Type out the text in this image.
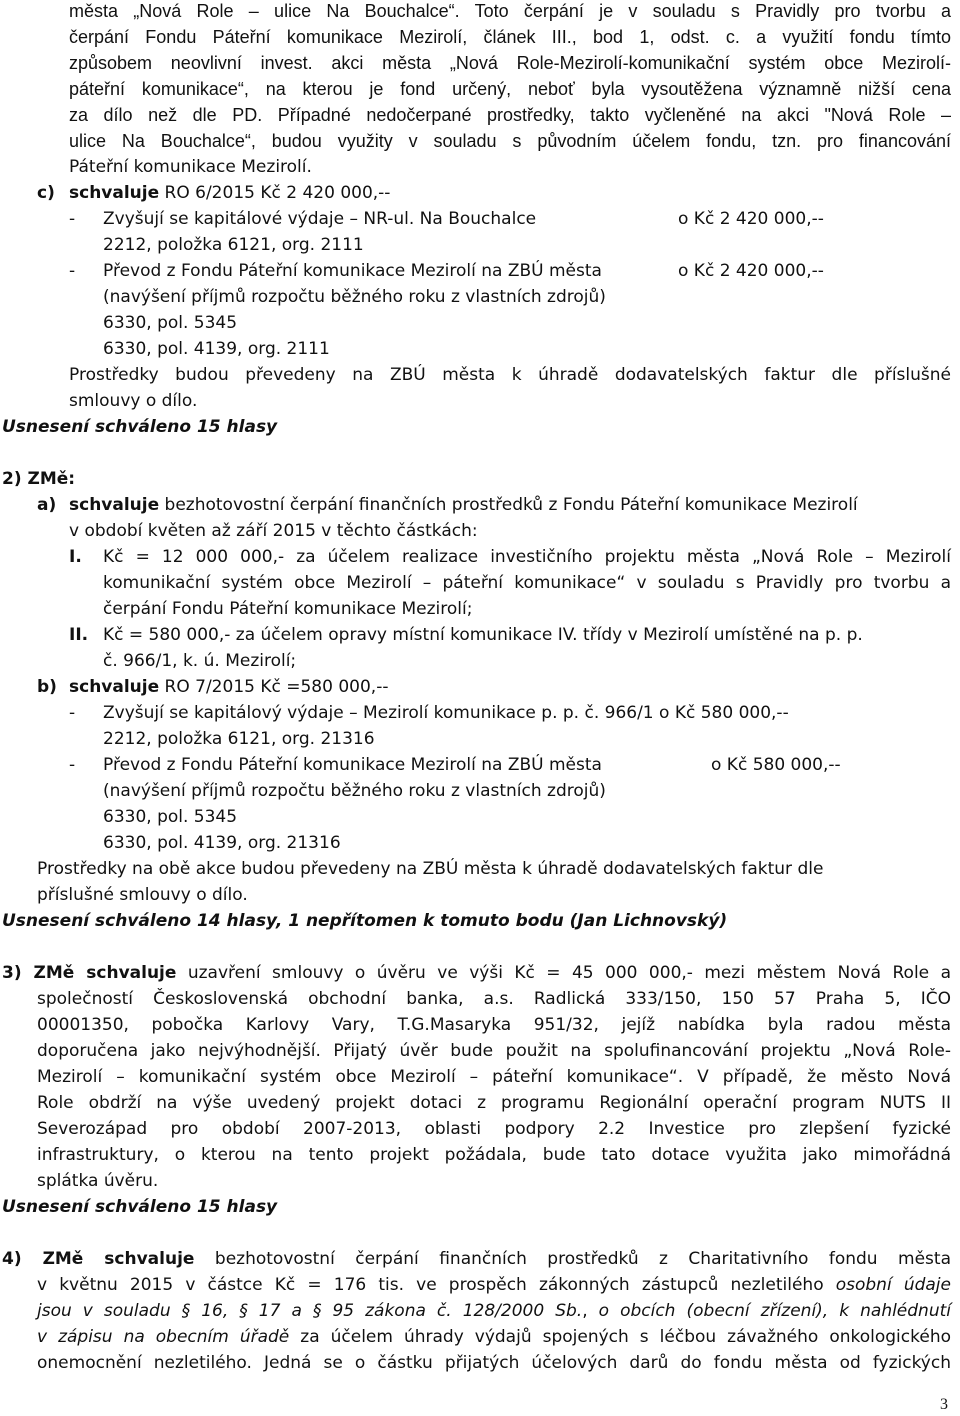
města „Nová Role – ulice Na Bouchalce“. Toto čerpání je v souladu s Pravidly pro tvorbu a
čerpání Fondu Páteřní komunikace Mezirolí, článek III., bod 1, odst. c. a využití fondu tímto
způsobem neovlivní invest. akci města „Nová Role-Mezirolí-komunikační systém obce Mezirolí-
páteřní komunikace“, na kterou je fond určený, neboť byla vysoutěžena významně nižší cena
za dílo než dle PD. Případné nedočerpané prostředky, takto vyčleněné na akci "Nová Role –
ulice Na Bouchalce“, budou využity v souladu s původním účelem fondu, tzn. pro financování
Páteřní komunikace Mezirolí.
c) schvaluje RO 6/2015 Kč 2 420 000,--
- Zvyšují se kapitálové výdaje – NR-ul. Na Bouchalce	o Kč 2 420 000,--
2212, položka 6121, org. 2111
- Převod z Fondu Páteřní komunikace Mezirolí na ZBÚ města	o Kč 2 420 000,--
(navýšení příjmů rozpočtu běžného roku z vlastních zdrojů)
6330, pol. 5345
6330, pol. 4139, org. 2111
Prostředky budou převedeny na ZBÚ města k úhradě dodavatelských faktur dle příslušné
smlouvy o dílo.
Usnesení schváleno 15 hlasy
2) ZMě:
a) schvaluje bezhotovostní čerpání finančních prostředků z Fondu Páteřní komunikace Mezirolí
v období květen až září 2015 v těchto částkách:
I. Kč = 12 000 000,- za účelem realizace investičního projektu města „Nová Role – Mezirolí
komunikační systém obce Mezirolí – páteřní komunikace“ v souladu s Pravidly pro tvorbu a
čerpání Fondu Páteřní komunikace Mezirolí;
II. Kč = 580 000,- za účelem opravy místní komunikace IV. třídy v Mezirolí umístěné na p. p.
č. 966/1, k. ú. Mezirolí;
b) schvaluje RO 7/2015 Kč =580 000,--
- Zvyšují se kapitálový výdaje – Mezirolí komunikace p. p. č. 966/1 o Kč 580 000,--
2212, položka 6121, org. 21316
- Převod z Fondu Páteřní komunikace Mezirolí na ZBÚ města	o Kč 580 000,--
(navýšení příjmů rozpočtu běžného roku z vlastních zdrojů)
6330, pol. 5345
6330, pol. 4139, org. 21316
Prostředky na obě akce budou převedeny na ZBÚ města k úhradě dodavatelských faktur dle
příslušné smlouvy o dílo.
Usnesení schváleno 14 hlasy, 1 nepřítomen k tomuto bodu (Jan Lichnovský)
3) ZMě schvaluje uzavření smlouvy o úvěru ve výši Kč = 45 000 000,- mezi městem Nová Role a
společností Československá obchodní banka, a.s. Radlická 333/150, 150 57 Praha 5, IČO
00001350, pobočka Karlovy Vary, T.G.Masaryka 951/32, jejíž nabídka byla radou města
doporučena jako nejvýhodnější. Přijatý úvěr bude použit na spolufinancování projektu „Nová Role-
Mezirolí – komunikační systém obce Mezirolí – páteřní komunikace“. V případě, že město Nová
Role obdrží na výše uvedený projekt dotaci z programu Regionální operační program NUTS II
Severozápad pro období 2007-2013, oblasti podpory 2.2 Investice pro zlepšení fyzické
infrastruktury, o kterou na tento projekt požádala, bude tato dotace využita jako mimořádná
splátka úvěru.
Usnesení schváleno 15 hlasy
4) ZMě schvaluje bezhotovostní čerpání finančních prostředků z Charitativního fondu města
v květnu 2015 v částce Kč = 176 tis. ve prospěch zákonných zástupců nezletilého osobní údaje
jsou v souladu § 16, § 17 a § 95 zákona č. 128/2000 Sb., o obcích (obecní zřízení), k nahlédnutí
v zápisu na obecním úřadě za účelem úhrady výdajů spojených s léčbou závažného onkologického
onemocnění nezletilého. Jedná se o částku přijatých účelových darů do fondu města od fyzických
3
